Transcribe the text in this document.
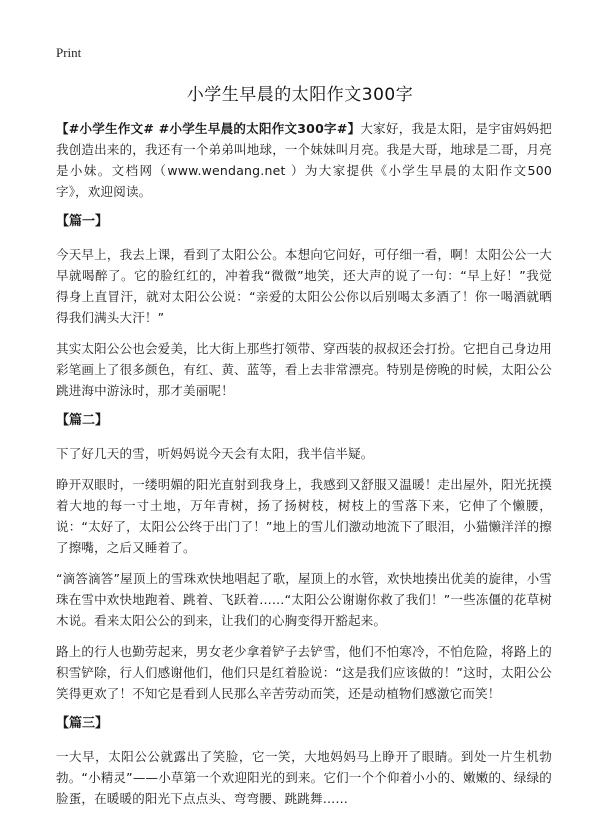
Print
小学生早晨的太阳作文300字

【#小学生作文# #小学生早晨的太阳作文300字#】大家好，我是太阳，是宇宙妈妈把我创造出来的，我还有一个弟弟叫地球，一个妹妹叫月亮。我是大哥，地球是二哥，月亮是小妹。文档网（www.wendang.net ）为大家提供《小学生早晨的太阳作文500字》，欢迎阅读。

【篇一】

今天早上，我去上课，看到了太阳公公。本想向它问好，可仔细一看，啊！太阳公公一大早就喝醉了。它的脸红红的，冲着我“微微”地笑，还大声的说了一句：“早上好！”我觉得身上直冒汗，就对太阳公公说：“亲爱的太阳公公你以后别喝太多酒了！你一喝酒就晒得我们满头大汗！”

其实太阳公公也会爱美，比大街上那些打领带、穿西装的叔叔还会打扮。它把自己身边用彩笔画上了很多颜色，有红、黄、蓝等，看上去非常漂亮。特别是傍晚的时候，太阳公公跳进海中游泳时，那才美丽呢！

【篇二】

下了好几天的雪，听妈妈说今天会有太阳，我半信半疑。

睁开双眼时，一缕明媚的阳光直射到我身上，我感到又舒服又温暖！走出屋外，阳光抚摸着大地的每一寸土地，万年青树，扬了扬树枝，树枝上的雪落下来，它伸了个懒腰，说：“太好了，太阳公公终于出门了！”地上的雪儿们激动地流下了眼泪，小猫懒洋洋的擦了擦嘴，之后又睡着了。

“滴答滴答”屋顶上的雪珠欢快地唱起了歌，屋顶上的水管，欢快地揍出优美的旋律，小雪珠在雪中欢快地跑着、跳着、飞跃着……“太阳公公谢谢你救了我们！”一些冻僵的花草树木说。看来太阳公公的到来，让我们的心胸变得开豁起来。

路上的行人也勤劳起来，男女老少拿着铲子去铲雪，他们不怕寒冷，不怕危险，将路上的积雪铲除，行人们感谢他们，他们只是红着脸说：“这是我们应该做的！”这时，太阳公公笑得更欢了！不知它是看到人民那么辛苦劳动而笑，还是动植物们感激它而笑！

【篇三】

一大早，太阳公公就露出了笑脸，它一笑，大地妈妈马上睁开了眼睛。到处一片生机勃勃。“小精灵”——小草第一个欢迎阳光的到来。它们一个个仰着小小的、嫩嫩的、绿绿的脸蛋，在暖暖的阳光下点点头、弯弯腰、跳跳舞……
